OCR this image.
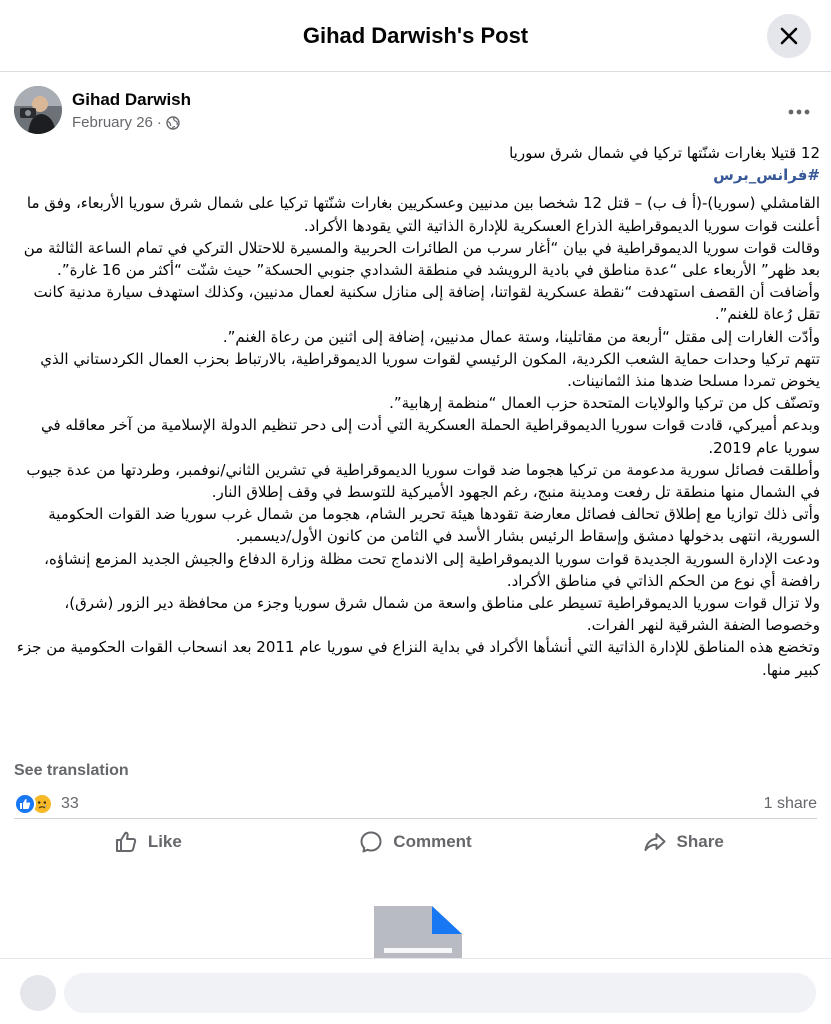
Gihad Darwish's Post
Gihad Darwish
February 26 ·

12 قتيلا بغارات شنّتها تركيا في شمال شرق سوريا

#فرانس_برس

القامشلي (سوريا)-(أ ف ب) – قتل 12 شخصا بين مدنيين وعسكريين بغارات شنّتها تركيا على شمال شرق سوريا الأربعاء، وفق ما أعلنت قوات سوريا الديموقراطية الذراع العسكرية للإدارة الذاتية التي يقودها الأكراد.

وقالت قوات سوريا الديموقراطية في بيان “أغار سرب من الطائرات الحربية والمسيرة للاحتلال التركي في تمام الساعة الثالثة من بعد ظهر” الأربعاء على “عدة مناطق في بادية الرويشد في منطقة الشدادي جنوبي الحسكة” حيث شنّت “أكثر من 16 غارة”.

وأضافت أن القصف استهدفت “نقطة عسكرية لقواتنا، إضافة إلى منازل سكنية لعمال مدنيين، وكذلك استهدف سيارة مدنية كانت تقل رُعاة للغنم”.

وأدّت الغارات إلى مقتل “أربعة من مقاتلينا، وستة عمال مدنيين، إضافة إلى اثنين من رعاة الغنم”.

تتهم تركيا وحدات حماية الشعب الكردية، المكون الرئيسي لقوات سوريا الديموقراطية، بالارتباط بحزب العمال الكردستاني الذي يخوض تمردا مسلحا ضدها منذ الثمانينات.

وتصنّف كل من تركيا والولايات المتحدة حزب العمال “منظمة إرهابية”.

وبدعم أميركي، قادت قوات سوريا الديموقراطية الحملة العسكرية التي أدت إلى دحر تنظيم الدولة الإسلامية من آخر معاقله في سوريا عام 2019.

وأطلقت فصائل سورية مدعومة من تركيا هجوما ضد قوات سوريا الديموقراطية في تشرين الثاني/نوفمبر، وطردتها من عدة جيوب في الشمال منها منطقة تل رفعت ومدينة منبج، رغم الجهود الأميركية للتوسط في وقف إطلاق النار.

وأتى ذلك توازيا مع إطلاق تحالف فصائل معارضة تقودها هيئة تحرير الشام، هجوما من شمال غرب سوريا ضد القوات الحكومية السورية، انتهى بدخولها دمشق وإسقاط الرئيس بشار الأسد في الثامن من كانون الأول/ديسمبر.

ودعت الإدارة السورية الجديدة قوات سوريا الديموقراطية إلى الاندماج تحت مظلة وزارة الدفاع والجيش الجديد المزمع إنشاؤه، رافضة أي نوع من الحكم الذاتي في مناطق الأكراد.

ولا تزال قوات سوريا الديموقراطية تسيطر على مناطق واسعة من شمال شرق سوريا وجزء من محافظة دير الزور (شرق)، وخصوصا الضفة الشرقية لنهر الفرات.

وتخضع هذه المناطق للإدارة الذاتية التي أنشأها الأكراد في بداية النزاع في سوريا عام 2011 بعد انسحاب القوات الحكومية من جزء كبير منها.

See translation
33	1 share
Like	Comment	Share
